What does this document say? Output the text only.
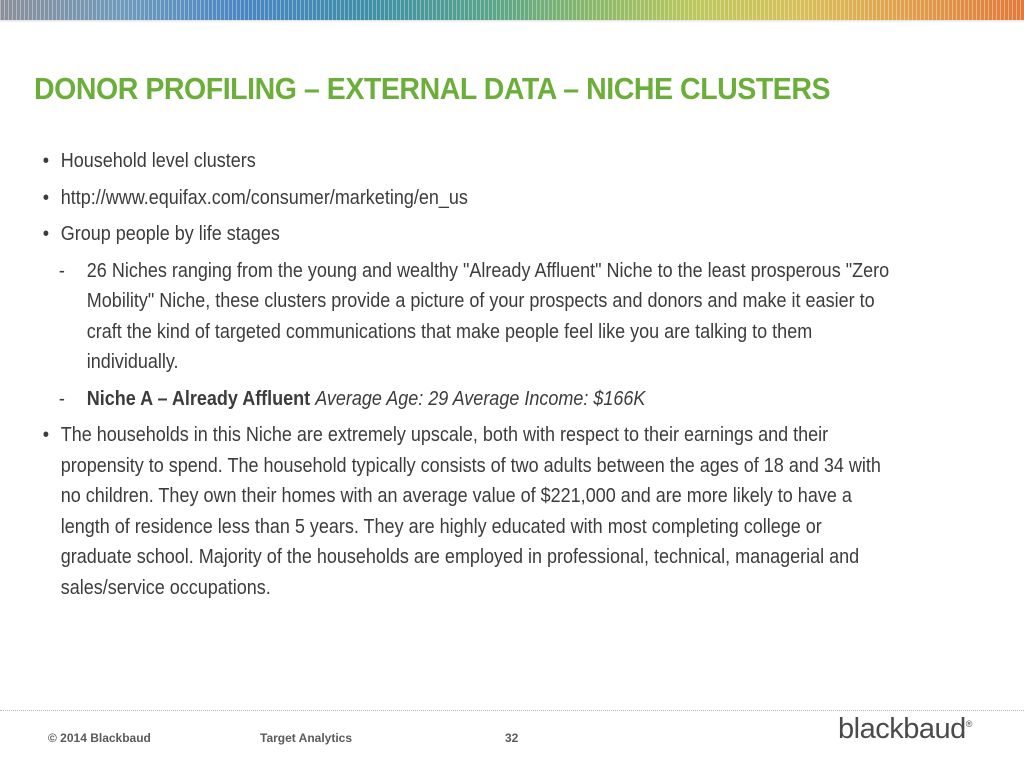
DONOR PROFILING – EXTERNAL DATA – NICHE CLUSTERS

• Household level clusters

• http://www.equifax.com/consumer/marketing/en_us

• Group people by life stages

- 26 Niches ranging from the young and wealthy "Already Affluent" Niche to the least prosperous "Zero Mobility" Niche, these clusters provide a picture of your prospects and donors and make it easier to craft the kind of targeted communications that make people feel like you are talking to them individually.

- Niche A – Already Affluent Average Age: 29 Average Income: $166K

• The households in this Niche are extremely upscale, both with respect to their earnings and their propensity to spend. The household typically consists of two adults between the ages of 18 and 34 with no children. They own their homes with an average value of $221,000 and are more likely to have a length of residence less than 5 years. They are highly educated with most completing college or graduate school. Majority of the households are employed in professional, technical, managerial and sales/service occupations.

© 2014 Blackbaud	Target Analytics	32	blackbaud®
